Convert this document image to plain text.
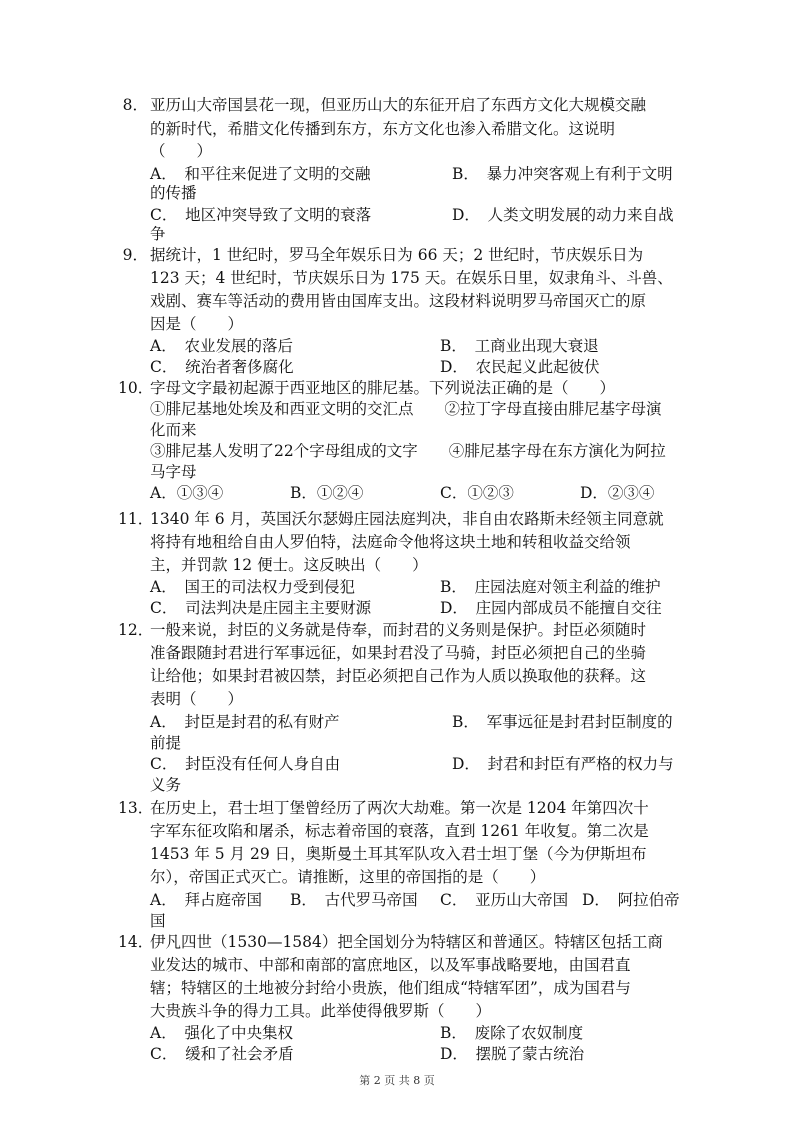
8． 亚历山大帝国昙花一现，但亚历山大的东征开启了东西方文化大规模交融
的新时代，希腊文化传播到东方，东方文化也渗入希腊文化。这说明
（　　）
A．　和平往来促进了文明的交融	B．　暴力冲突客观上有利于文明
的传播
C．　地区冲突导致了文明的衰落	D．　人类文明发展的动力来自战
争
9． 据统计，1 世纪时，罗马全年娱乐日为 66 天；2 世纪时，节庆娱乐日为
123 天；4 世纪时，节庆娱乐日为 175 天。在娱乐日里，奴隶角斗、斗兽、
戏剧、赛车等活动的费用皆由国库支出。这段材料说明罗马帝国灭亡的原
因是（　　）
A．　农业发展的落后	B．　工商业出现大衰退
C．　统治者奢侈腐化	D．　农民起义此起彼伏
10．
字母文字最初起源于西亚地区的腓尼基。下列说法正确的是（　　）
①腓尼基地处埃及和西亚文明的交汇点　　②拉丁字母直接由腓尼基字母演
化而来
③腓尼基人发明了22个字母组成的文字　　④腓尼基字母在东方演化为阿拉
马字母
A．①③④	B．①②④	C．①②③	D．②③④
11．
1340 年 6 月，英国沃尔瑟姆庄园法庭判决，非自由农路斯未经领主同意就
将持有地租给自由人罗伯特，法庭命令他将这块土地和转租收益交给领
主，并罚款 12 便士。这反映出（　　）
A．　国王的司法权力受到侵犯	B．　庄园法庭对领主利益的维护
C．　司法判决是庄园主主要财源	D．　庄园内部成员不能擅自交往
12．
一般来说，封臣的义务就是侍奉，而封君的义务则是保护。封臣必须随时
准备跟随封君进行军事远征，如果封君没了马骑，封臣必须把自己的坐骑
让给他；如果封君被囚禁，封臣必须把自己作为人质以换取他的获释。这
表明（　　）
A．　封臣是封君的私有财产	B．　军事远征是封君封臣制度的
前提
C．　封臣没有任何人身自由	D．　封君和封臣有严格的权力与
义务
13．
在历史上，君士坦丁堡曾经历了两次大劫难。第一次是 1204 年第四次十
字军东征攻陷和屠杀，标志着帝国的衰落，直到 1261 年收复。第二次是
1453 年 5 月 29 日，奥斯曼土耳其军队攻入君士坦丁堡（今为伊斯坦布
尔），帝国正式灭亡。请推断，这里的帝国指的是（　　）
A．　拜占庭帝国 B．　古代罗马帝国 C．　亚历山大帝国 D．　阿拉伯帝
国
14．
伊凡四世（1530—1584）把全国划分为特辖区和普通区。特辖区包括工商
业发达的城市、中部和南部的富庶地区，以及军事战略要地，由国君直
辖；特辖区的土地被分封给小贵族，他们组成“特辖军团”，成为国君与
大贵族斗争的得力工具。此举使得俄罗斯（　　）
A．　强化了中央集权	B．　废除了农奴制度
C．　缓和了社会矛盾	D．　摆脱了蒙古统治
第 2 页 共 8 页
